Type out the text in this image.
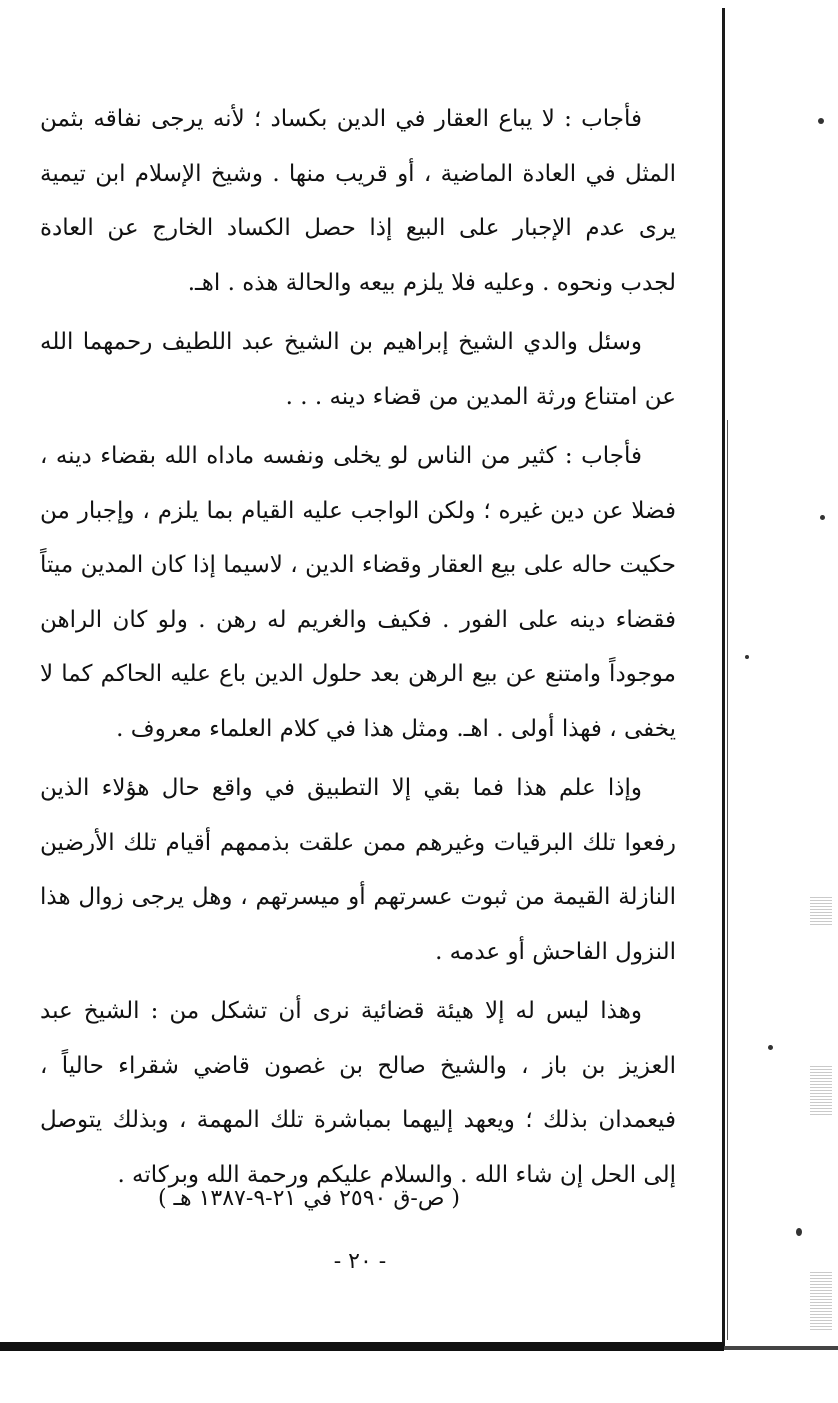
فأجاب : لا يباع العقار في الدين بكساد ؛ لأنه يرجى نفاقه بثمن المثل في العادة الماضية ، أو قريب منها . وشيخ الإسلام ابن تيمية يرى عدم الإجبار على البيع إذا حصل الكساد الخارج عن العادة لجدب ونحوه . وعليه فلا يلزم بيعه والحالة هذه . اهـ.

وسئل والدي الشيخ إبراهيم بن الشيخ عبد اللطيف رحمهما الله عن امتناع ورثة المدين من قضاء دينه . . .

فأجاب : كثير من الناس لو يخلى ونفسه ماداه الله بقضاء دينه ، فضلا عن دين غيره ؛ ولكن الواجب عليه القيام بما يلزم ، وإجبار من حكيت حاله على بيع العقار وقضاء الدين ، لاسيما إذا كان المدين ميتاً فقضاء دينه على الفور . فكيف والغريم له رهن . ولو كان الراهن موجوداً وامتنع عن بيع الرهن بعد حلول الدين باع عليه الحاكم كما لا يخفى ، فهذا أولى . اهـ. ومثل هذا في كلام العلماء معروف .

وإذا علم هذا فما بقي إلا التطبيق في واقع حال هؤلاء الذين رفعوا تلك البرقيات وغيرهم ممن علقت بذممهم أقيام تلك الأرضين النازلة القيمة من ثبوت عسرتهم أو ميسرتهم ، وهل يرجى زوال هذا النزول الفاحش أو عدمه .

وهذا ليس له إلا هيئة قضائية نرى أن تشكل من : الشيخ عبد العزيز بن باز ، والشيخ صالح بن غصون قاضي شقراء حالياً ، فيعمدان بذلك ؛ ويعهد إليهما بمباشرة تلك المهمة ، وبذلك يتوصل إلى الحل إن شاء الله . والسلام عليكم ورحمة الله وبركاته .

( ص-ق ٢٥٩٠ في ٢١-٩-١٣٨٧ هـ )
- ٢٠ -
